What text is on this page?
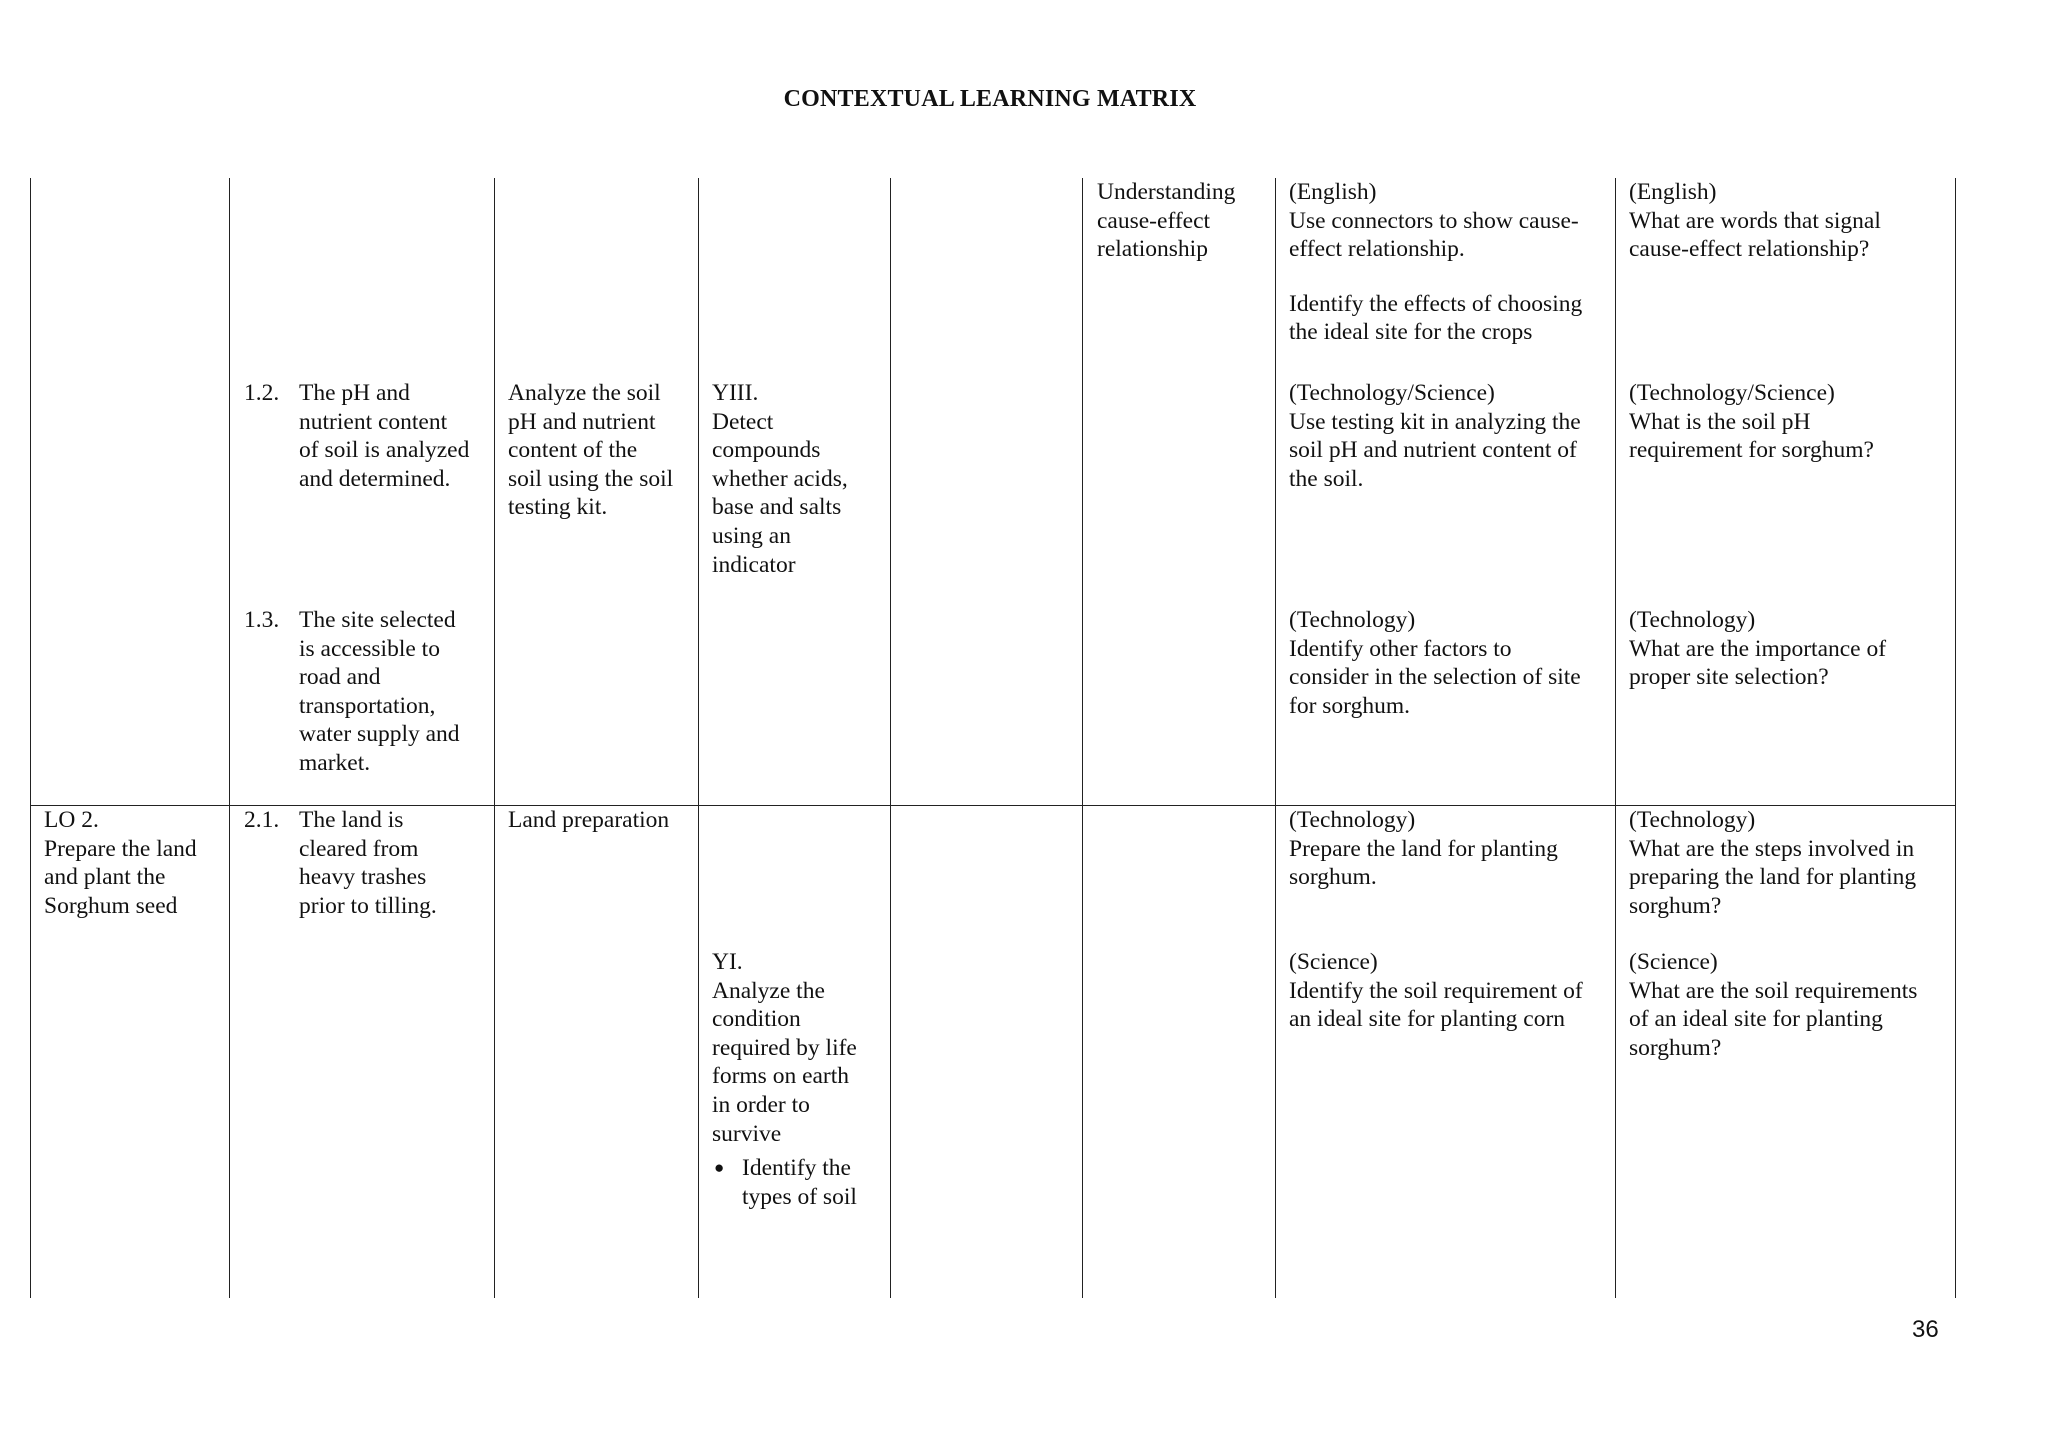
CONTEXTUAL LEARNING MATRIX

Understanding

cause-effect

relationship

(English)

Use connectors to show cause-

effect relationship.

Identify the effects of choosing

the ideal site for the crops

(English)

What are words that signal

cause-effect relationship?

1.2. The pH and

nutrient content

of soil is analyzed

and determined.

Analyze the soil

pH and nutrient

content of the

soil using the soil

testing kit.

YIII.

Detect

compounds

whether acids,

base and salts

using an

indicator

(Technology/Science)

Use testing kit in analyzing the

soil pH and nutrient content of

the soil.

(Technology/Science)

What is the soil pH

requirement for sorghum?

1.3. The site selected

is accessible to

road and

transportation,

water supply and

market.

(Technology)

Identify other factors to

consider in the selection of site

for sorghum.

(Technology)

What are the importance of

proper site selection?

LO 2.

Prepare the land

and plant the

Sorghum seed

2.1. The land is

cleared from

heavy trashes

prior to tilling.

Land preparation	(Technology)

Prepare the land for planting

sorghum.

(Technology)

What are the steps involved in

preparing the land for planting

sorghum?

YI.

Analyze the

condition

required by life

forms on earth

in order to

survive

● Identify the

types of soil

(Science)

Identify the soil requirement of

an ideal site for planting corn

(Science)

What are the soil requirements

of an ideal site for planting

sorghum?

36
